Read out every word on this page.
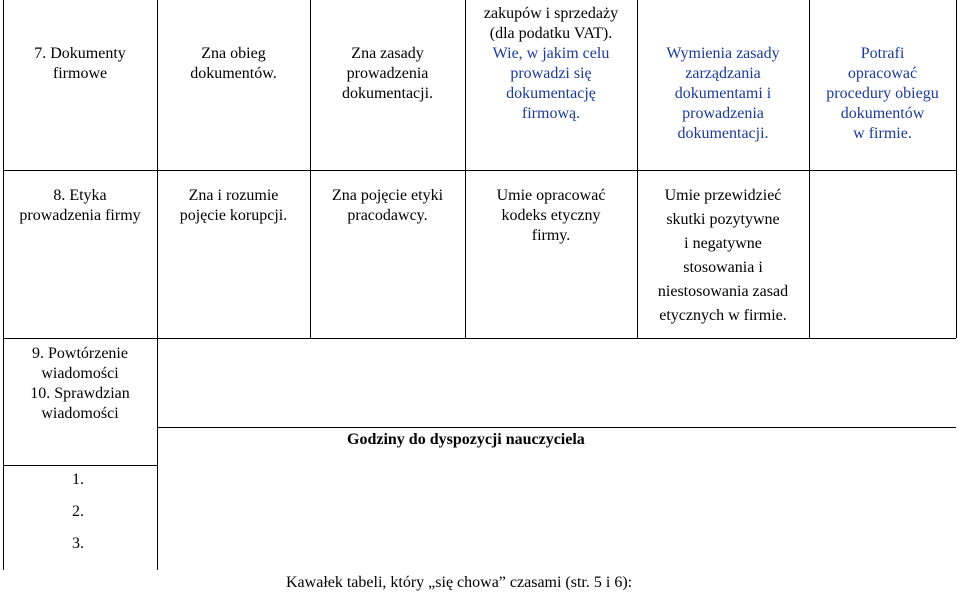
7. Dokumenty
firmowe
Zna obieg
dokumentów.
Zna zasady
prowadzenia
dokumentacji.
zakupów i sprzedaży
(dla podatku VAT).
Wie, w jakim celu
prowadzi się
dokumentację
firmową.
Wymienia zasady
zarządzania
dokumentami i
prowadzenia
dokumentacji.
Potrafi
opracować
procedury obiegu
dokumentów
w firmie.
8. Etyka
prowadzenia firmy
Zna i rozumie
pojęcie korupcji.
Zna pojęcie etyki
pracodawcy.
Umie opracować
kodeks etyczny
firmy.
Umie przewidzieć
skutki pozytywne
i negatywne
stosowania i
niestosowania zasad
etycznych w firmie.
9. Powtórzenie
wiadomości
10. Sprawdzian
wiadomości
Godziny do dyspozycji nauczyciela
1.
2.
3.
Kawałek tabeli, który „się chowa” czasami (str. 5 i 6):
